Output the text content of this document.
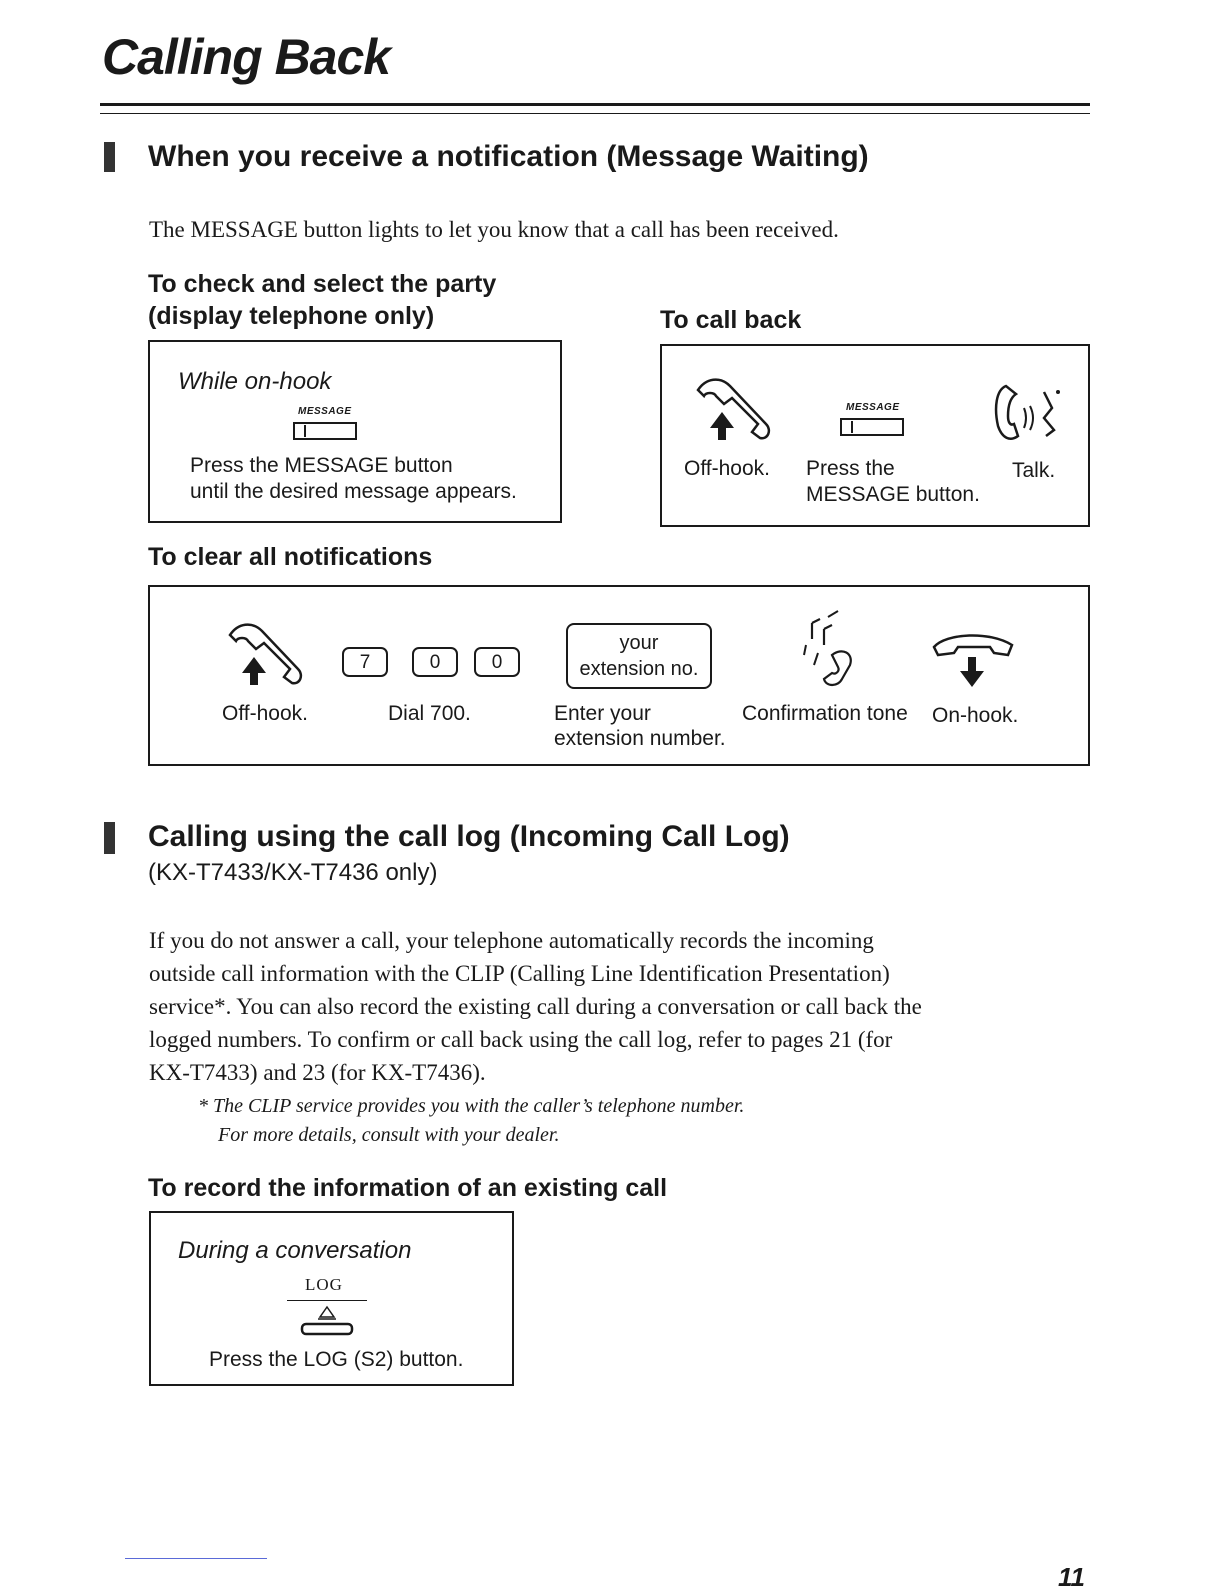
Calling Back
When you receive a notification (Message Waiting)
The MESSAGE button lights to let you know that a call has been received.
To check and select the party
(display telephone only)	To call back
While on-hook
MESSAGE
Press the MESSAGE button
until the desired message appears.
MESSAGE
Off-hook. Press the
MESSAGE button.
Talk.
To clear all notifications
7	0	0
your
extension no.
Off-hook.	Dial 700.	Enter your
extension number.
Confirmation tone On-hook.
Calling using the call log (Incoming Call Log)
(KX-T7433/KX-T7436 only)
If you do not answer a call, your telephone automatically records the incoming
outside call information with the CLIP (Calling Line Identification Presentation)
service*. You can also record the existing call during a conversation or call back the
logged numbers. To confirm or call back using the call log, refer to pages 21 (for
KX-T7433) and 23 (for KX-T7436).
* The CLIP service provides you with the caller’s telephone number.
For more details, consult with your dealer.
To record the information of an existing call
During a conversation
LOG
Press the LOG (S2) button.
11
